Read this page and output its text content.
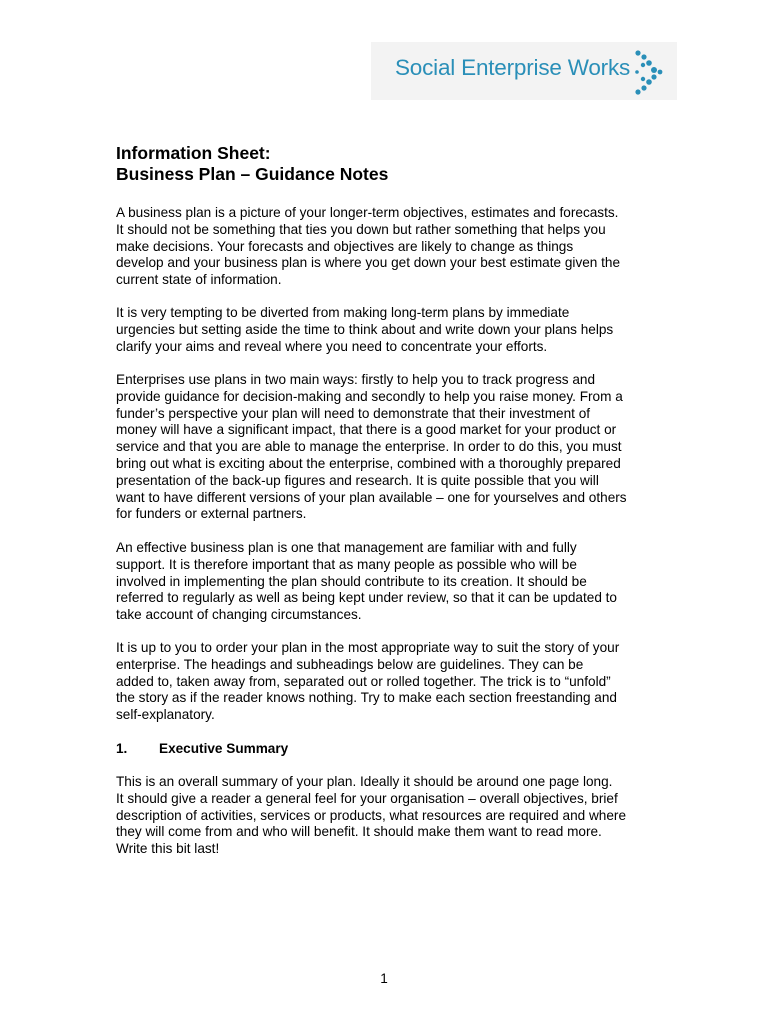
Social Enterprise Works
Information Sheet:
Business Plan – Guidance Notes
A business plan is a picture of your longer-term objectives, estimates and forecasts.
It should not be something that ties you down but rather something that helps you
make decisions. Your forecasts and objectives are likely to change as things
develop and your business plan is where you get down your best estimate given the
current state of information.
It is very tempting to be diverted from making long-term plans by immediate
urgencies but setting aside the time to think about and write down your plans helps
clarify your aims and reveal where you need to concentrate your efforts.
Enterprises use plans in two main ways: firstly to help you to track progress and
provide guidance for decision-making and secondly to help you raise money. From a
funder’s perspective your plan will need to demonstrate that their investment of
money will have a significant impact, that there is a good market for your product or
service and that you are able to manage the enterprise. In order to do this, you must
bring out what is exciting about the enterprise, combined with a thoroughly prepared
presentation of the back-up figures and research. It is quite possible that you will
want to have different versions of your plan available – one for yourselves and others
for funders or external partners.
An effective business plan is one that management are familiar with and fully
support. It is therefore important that as many people as possible who will be
involved in implementing the plan should contribute to its creation. It should be
referred to regularly as well as being kept under review, so that it can be updated to
take account of changing circumstances.
It is up to you to order your plan in the most appropriate way to suit the story of your
enterprise. The headings and subheadings below are guidelines. They can be
added to, taken away from, separated out or rolled together. The trick is to “unfold”
the story as if the reader knows nothing. Try to make each section freestanding and
self-explanatory.
1. Executive Summary
This is an overall summary of your plan. Ideally it should be around one page long.
It should give a reader a general feel for your organisation – overall objectives, brief
description of activities, services or products, what resources are required and where
they will come from and who will benefit. It should make them want to read more.
Write this bit last!
1
